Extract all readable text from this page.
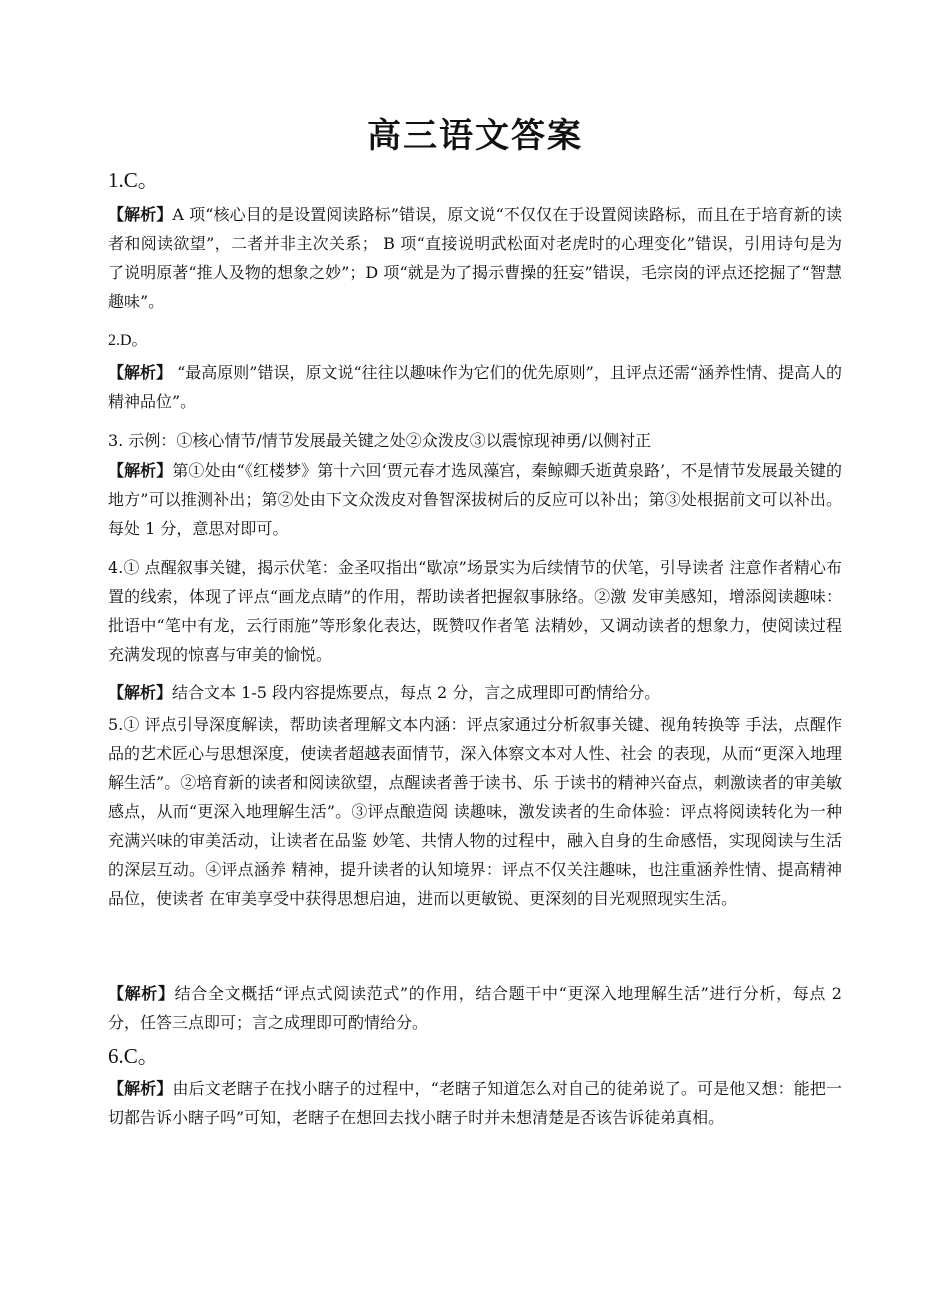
高三语文答案

1.C。

【解析】A 项“核心目的是设置阅读路标”错误，原文说“不仅仅在于设置阅读路标，而且在于培育新的读者和阅读欲望”，二者并非主次关系； B 项“直接说明武松面对老虎时的心理变化”错误，引用诗句是为了说明原著“推人及物的想象之妙”；D 项“就是为了揭示曹操的狂妄”错误，毛宗岗的评点还挖掘了“智慧趣味”。

2.D。

【解析】 “最高原则”错误，原文说“往往以趣味作为它们的优先原则”，且评点还需“涵养性情、提高人的精神品位”。

3. 示例：①核心情节/情节发展最关键之处②众泼皮③以震惊现神勇/以侧衬正

【解析】第①处由“《红楼梦》第十六回‘贾元春才选凤藻宫，秦鲸卿夭逝黄泉路’，不是情节发展最关键的地方”可以推测补出；第②处由下文众泼皮对鲁智深拔树后的反应可以补出；第③处根据前文可以补出。每处 1 分，意思对即可。

4.① 点醒叙事关键，揭示伏笔：金圣叹指出“歇凉”场景实为后续情节的伏笔，引导读者 注意作者精心布置的线索，体现了评点“画龙点睛”的作用，帮助读者把握叙事脉络。②激 发审美感知，增添阅读趣味：批语中“笔中有龙，云行雨施”等形象化表达，既赞叹作者笔 法精妙，又调动读者的想象力，使阅读过程充满发现的惊喜与审美的愉悦。

【解析】结合文本 1-5 段内容提炼要点，每点 2 分，言之成理即可酌情给分。

5.① 评点引导深度解读，帮助读者理解文本内涵：评点家通过分析叙事关键、视角转换等 手法，点醒作品的艺术匠心与思想深度，使读者超越表面情节，深入体察文本对人性、社会 的表现，从而“更深入地理解生活”。②培育新的读者和阅读欲望，点醒读者善于读书、乐 于读书的精神兴奋点，刺激读者的审美敏感点，从而“更深入地理解生活”。③评点酿造阅 读趣味，激发读者的生命体验：评点将阅读转化为一种充满兴味的审美活动，让读者在品鉴 妙笔、共情人物的过程中，融入自身的生命感悟，实现阅读与生活的深层互动。④评点涵养 精神，提升读者的认知境界：评点不仅关注趣味，也注重涵养性情、提高精神品位，使读者 在审美享受中获得思想启迪，进而以更敏锐、更深刻的目光观照现实生活。

【解析】结合全文概括“评点式阅读范式”的作用，结合题干中“更深入地理解生活”进行分析，每点 2 分，任答三点即可；言之成理即可酌情给分。

6.C。

【解析】由后文老瞎子在找小瞎子的过程中，“老瞎子知道怎么对自己的徒弟说了。可是他又想：能把一切都告诉小瞎子吗”可知，老瞎子在想回去找小瞎子时并未想清楚是否该告诉徒弟真相。
